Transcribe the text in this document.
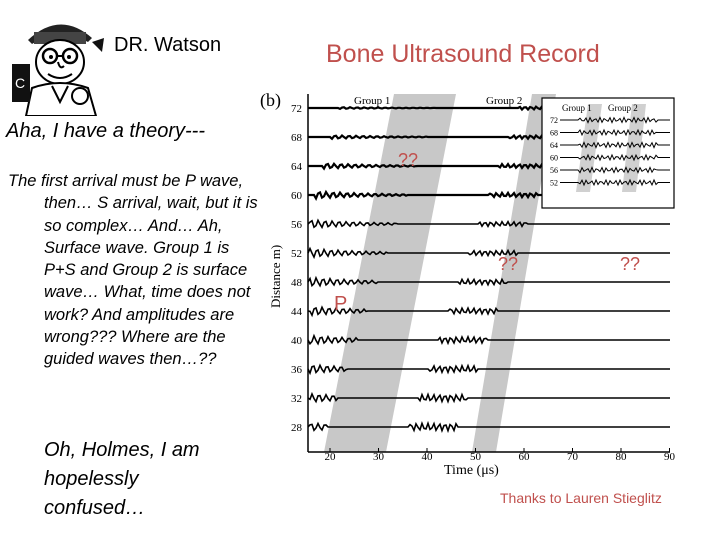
C
DR. Watson	Bone Ultrasound Record
Aha, I have a theory---
The first arrival must be P wave, then… S arrival, wait, but it is so complex… And… Ah, Surface wave. Group 1 is P+S and Group 2 is surface wave… What, time does not work? And amplitudes are wrong??? Where are the guided waves then…??
Oh, Holmes, I am hopelessly confused…	Thanks to Lauren Stieglitz
72
68
64
60
56
52
48
44
40
36
32
28
20	30	40	50	60	70	80	90
(b)	Group 1	Group 2
Distance m)
Time (μs)
Group 1 Group 2
72
68
64
60
56
52
??
??	??
P
